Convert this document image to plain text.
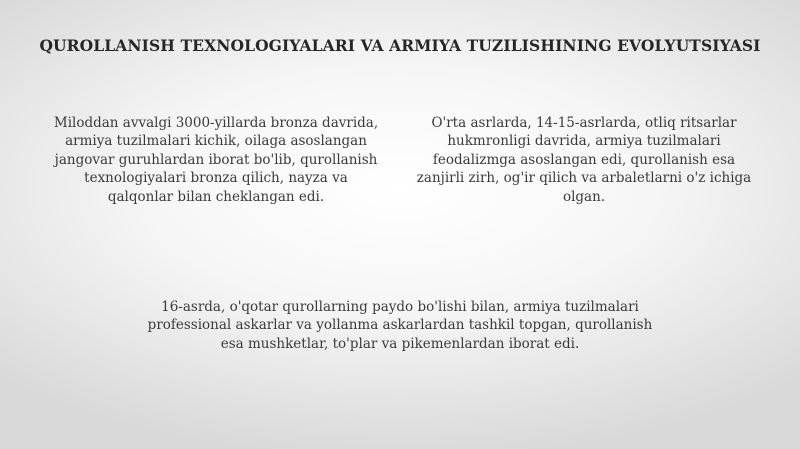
QUROLLANISH TEXNOLOGIYALARI VA ARMIYA TUZILISHINING EVOLYUTSIYASI

Miloddan avvalgi 3000-yillarda bronza davrida, armiya tuzilmalari kichik, oilaga asoslangan jangovar guruhlardan iborat bo'lib, qurollanish texnologiyalari bronza qilich, nayza va qalqonlar bilan cheklangan edi.

O'rta asrlarda, 14-15-asrlarda, otliq ritsarlar hukmronligi davrida, armiya tuzilmalari feodalizmga asoslangan edi, qurollanish esa zanjirli zirh, og'ir qilich va arbaletlarni o'z ichiga olgan.

16-asrda, o'qotar qurollarning paydo bo'lishi bilan, armiya tuzilmalari professional askarlar va yollanma askarlardan tashkil topgan, qurollanish esa mushketlar, to'plar va pikemenlardan iborat edi.
